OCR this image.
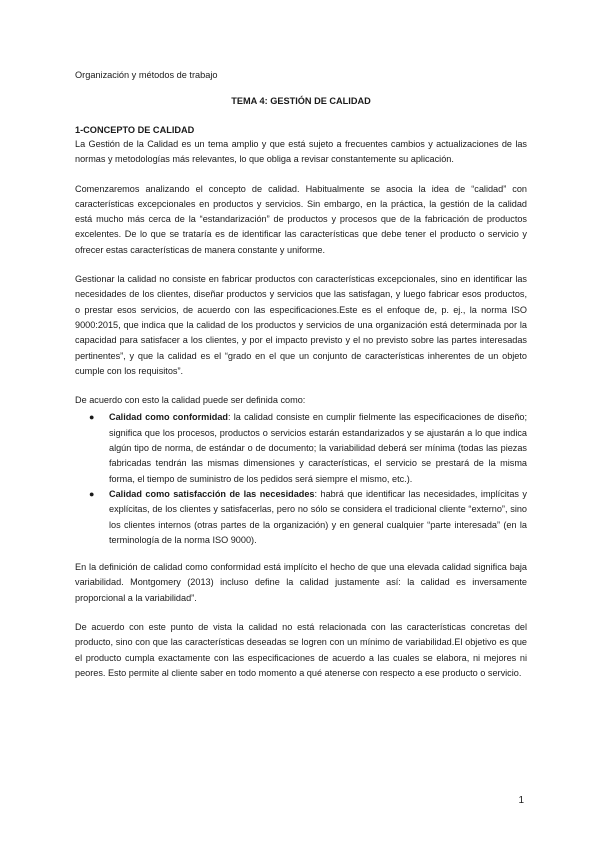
Organización y métodos de trabajo
TEMA 4: GESTIÓN DE CALIDAD
1-CONCEPTO DE CALIDAD

La Gestión de la Calidad es un tema amplio y que está sujeto a frecuentes cambios y actualizaciones de las normas y metodologías más relevantes, lo que obliga a revisar constantemente su aplicación.

Comenzaremos analizando el concepto de calidad. Habitualmente se asocia la idea de “calidad” con características excepcionales en productos y servicios. Sin embargo, en la práctica, la gestión de la calidad está mucho más cerca de la “estandarización” de productos y procesos que de la fabricación de productos excelentes. De lo que se trataría es de identificar las características que debe tener el producto o servicio y ofrecer estas características de manera constante y uniforme.

Gestionar la calidad no consiste en fabricar productos con características excepcionales, sino en identificar las necesidades de los clientes, diseñar productos y servicios que las satisfagan, y luego fabricar esos productos, o prestar esos servicios, de acuerdo con las especificaciones.Este es el enfoque de, p. ej., la norma ISO 9000:2015, que indica que la calidad de los productos y servicios de una organización está determinada por la capacidad para satisfacer a los clientes, y por el impacto previsto y el no previsto sobre las partes interesadas pertinentes”, y que la calidad es el “grado en el que un conjunto de características inherentes de un objeto cumple con los requisitos”.

De acuerdo con esto la calidad puede ser definida como:

● Calidad como conformidad: la calidad consiste en cumplir fielmente las especificaciones de diseño; significa que los procesos, productos o servicios estarán estandarizados y se ajustarán a lo que indica algún tipo de norma, de estándar o de documento; la variabilidad deberá ser mínima (todas las piezas fabricadas tendrán las mismas dimensiones y características, el servicio se prestará de la misma forma, el tiempo de suministro de los pedidos será siempre el mismo, etc.).
● Calidad como satisfacción de las necesidades: habrá que identificar las necesidades, implícitas y explícitas, de los clientes y satisfacerlas, pero no sólo se considera el tradicional cliente “externo”, sino los clientes internos (otras partes de la organización) y en general cualquier “parte interesada” (en la terminología de la norma ISO 9000).

En la definición de calidad como conformidad está implícito el hecho de que una elevada calidad significa baja variabilidad. Montgomery (2013) incluso define la calidad justamente así: la calidad es inversamente proporcional a la variabilidad”.

De acuerdo con este punto de vista la calidad no está relacionada con las características concretas del producto, sino con que las características deseadas se logren con un mínimo de variabilidad.El objetivo es que el producto cumpla exactamente con las especificaciones de acuerdo a las cuales se elabora, ni mejores ni peores. Esto permite al cliente saber en todo momento a qué atenerse con respecto a ese producto o servicio.

1
